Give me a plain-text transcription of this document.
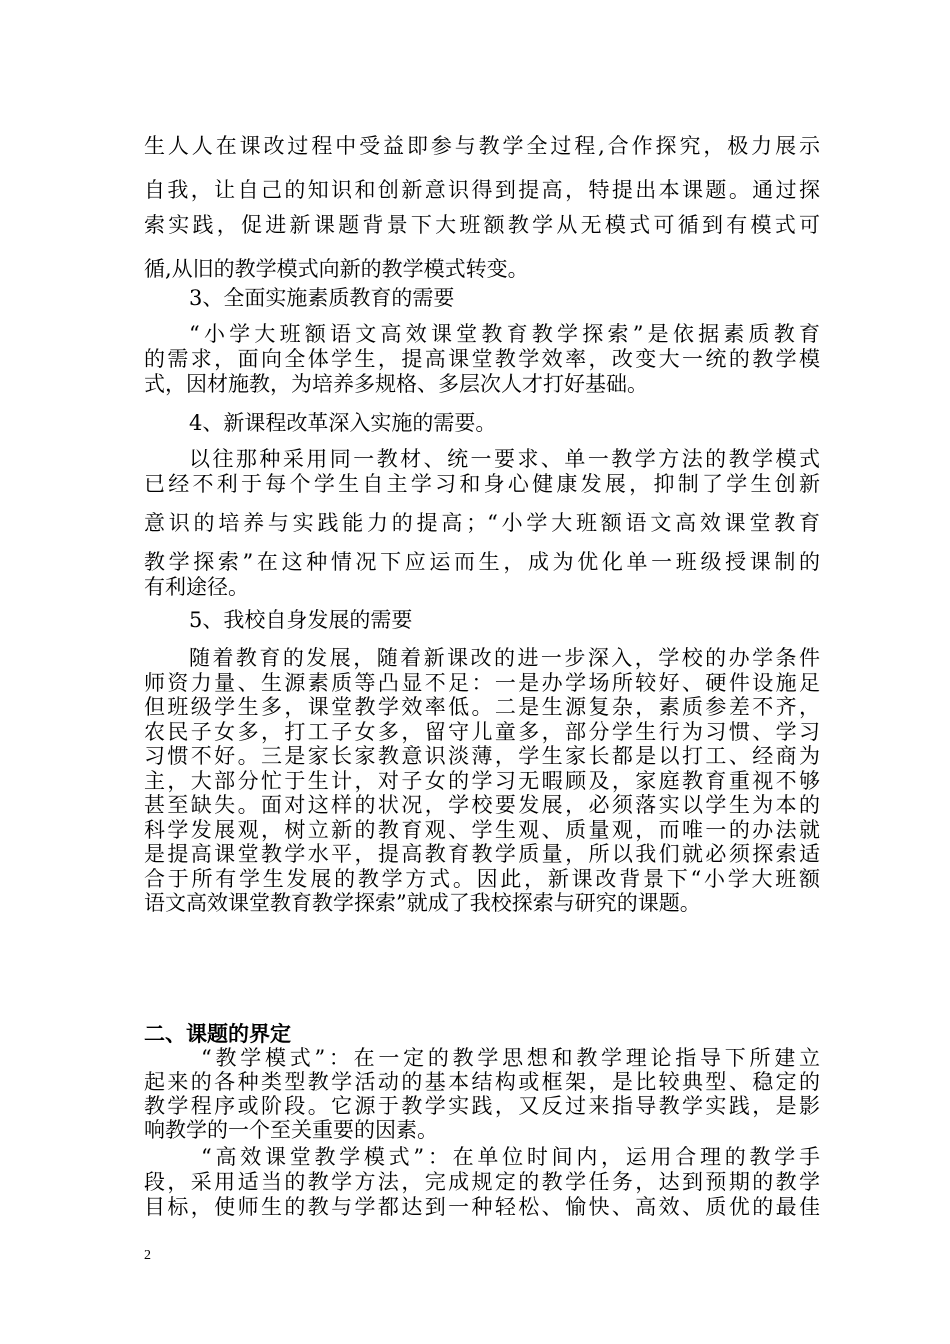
生人人在课改过程中受益即参与教学全过程,合作探究，极力展示
自我，让自己的知识和创新意识得到提高，特提出本课题。通过探
索实践，促进新课题背景下大班额教学从无模式可循到有模式可
循,从旧的教学模式向新的教学模式转变。
3、全面实施素质教育的需要
“小学大班额语文高效课堂教育教学探索”是依据素质教育
的需求，面向全体学生，提高课堂教学效率，改变大一统的教学模
式，因材施教，为培养多规格、多层次人才打好基础。
4、新课程改革深入实施的需要。
以往那种采用同一教材、统一要求、单一教学方法的教学模式
已经不利于每个学生自主学习和身心健康发展，抑制了学生创新
意识的培养与实践能力的提高；“小学大班额语文高效课堂教育
教学探索”在这种情况下应运而生，成为优化单一班级授课制的
有利途径。
5、我校自身发展的需要
随着教育的发展，随着新课改的进一步深入，学校的办学条件
师资力量、生源素质等凸显不足：一是办学场所较好、硬件设施足
但班级学生多，课堂教学效率低。二是生源复杂，素质参差不齐，
农民子女多，打工子女多，留守儿童多，部分学生行为习惯、学习
习惯不好。三是家长家教意识淡薄，学生家长都是以打工、经商为
主，大部分忙于生计，对子女的学习无暇顾及，家庭教育重视不够
甚至缺失。面对这样的状况，学校要发展，必须落实以学生为本的
科学发展观，树立新的教育观、学生观、质量观，而唯一的办法就
是提高课堂教学水平，提高教育教学质量，所以我们就必须探索适
合于所有学生发展的教学方式。因此，新课改背景下“小学大班额
语文高效课堂教育教学探索”就成了我校探索与研究的课题。
二、课题的界定
“教学模式”：在一定的教学思想和教学理论指导下所建立
起来的各种类型教学活动的基本结构或框架，是比较典型、稳定的
教学程序或阶段。它源于教学实践，又反过来指导教学实践，是影
响教学的一个至关重要的因素。
“高效课堂教学模式”：在单位时间内，运用合理的教学手
段，采用适当的教学方法，完成规定的教学任务，达到预期的教学
目标，使师生的教与学都达到一种轻松、愉快、高效、质优的最佳
2
